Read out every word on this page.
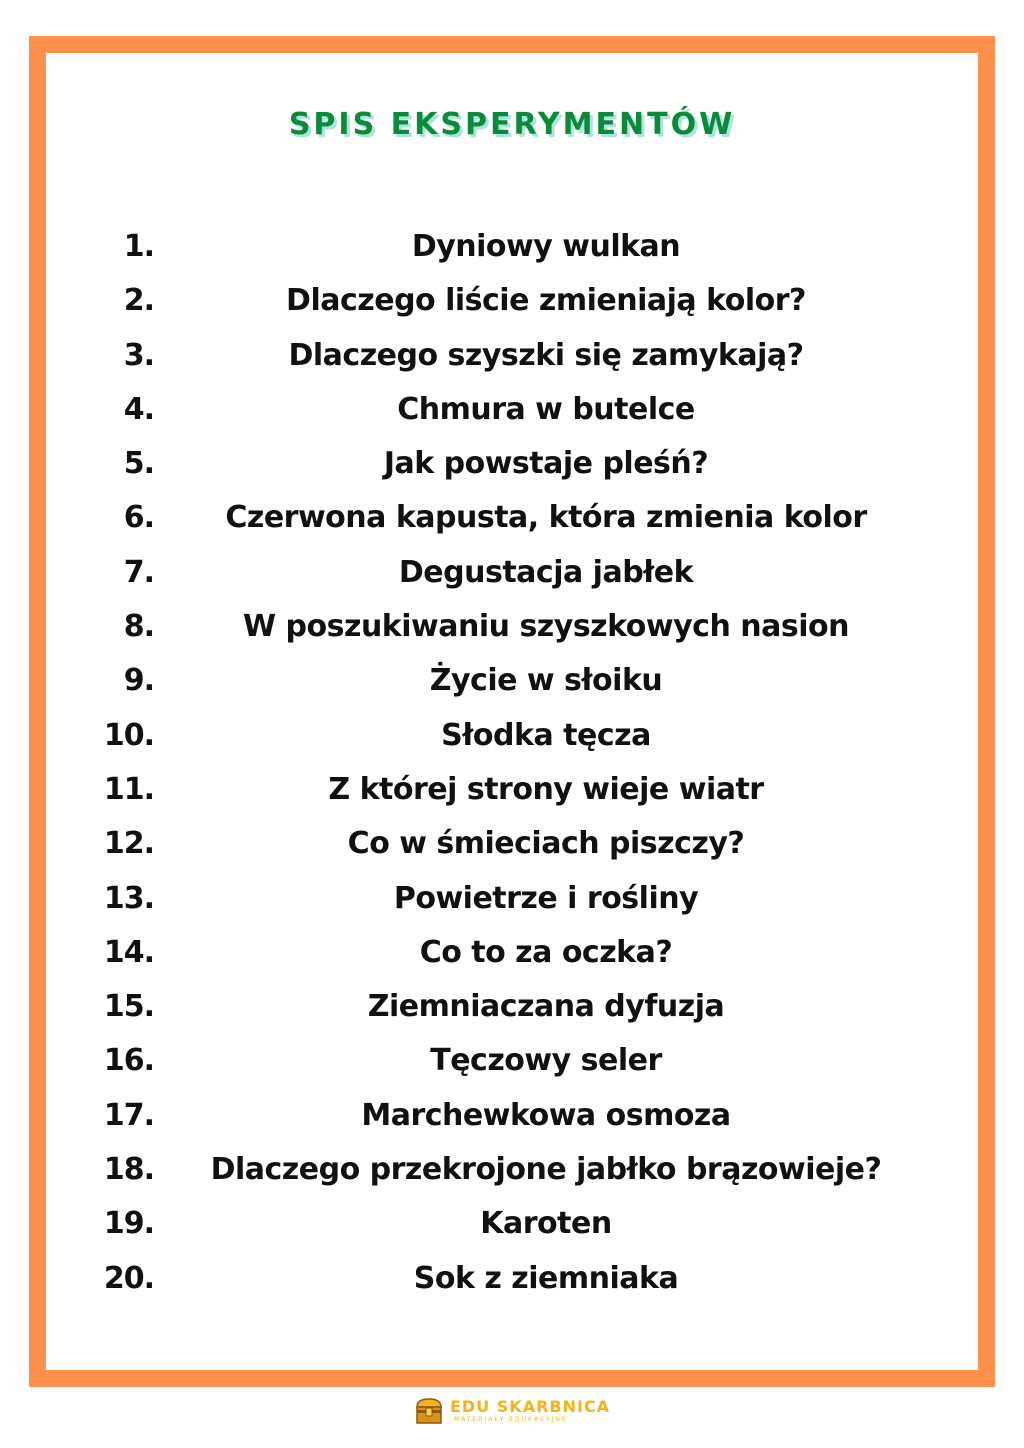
SPIS EKSPERYMENTÓW
1.	Dyniowy wulkan
2.	Dlaczego liście zmieniają kolor?
3.	Dlaczego szyszki się zamykają?
4.	Chmura w butelce
5.	Jak powstaje pleśń?
6.	Czerwona kapusta, która zmienia kolor
7.	Degustacja jabłek
8.	W poszukiwaniu szyszkowych nasion
9.	Życie w słoiku
10.	Słodka tęcza
11.	Z której strony wieje wiatr
12.	Co w śmieciach piszczy?
13.	Powietrze i rośliny
14.	Co to za oczka?
15.	Ziemniaczana dyfuzja
16.	Tęczowy seler
17.	Marchewkowa osmoza
18.	Dlaczego przekrojone jabłko brązowieje?
19.	Karoten
20.	Sok z ziemniaka
EDU SKARBNICA
MATERIAŁY EDUKACYJNE
